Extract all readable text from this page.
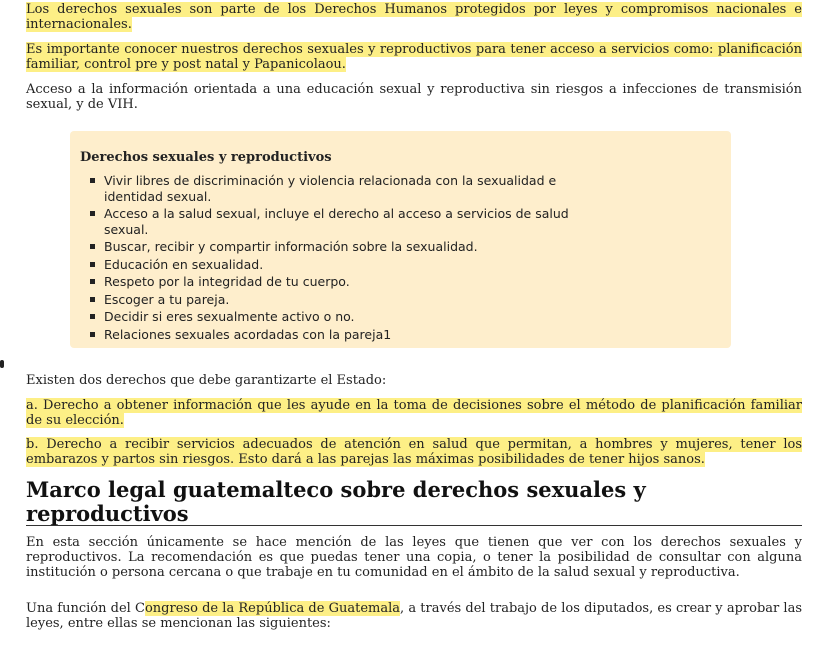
Los derechos sexuales son parte de los Derechos Humanos protegidos por leyes y compromisos nacionales e internacionales.

Es importante conocer nuestros derechos sexuales y reproductivos para tener acceso a servicios como: planificación familiar, control pre y post natal y Papanicolaou.

Acceso a la información orientada a una educación sexual y reproductiva sin riesgos a infecciones de transmisión sexual, y de VIH.

Derechos sexuales y reproductivos
Vivir libres de discriminación y violencia relacionada con la sexualidad e identidad sexual.
Acceso a la salud sexual, incluye el derecho al acceso a servicios de salud sexual.
Buscar, recibir y compartir información sobre la sexualidad.
Educación en sexualidad.
Respeto por la integridad de tu cuerpo.
Escoger a tu pareja.
Decidir si eres sexualmente activo o no.
Relaciones sexuales acordadas con la pareja1

Existen dos derechos que debe garantizarte el Estado:

a. Derecho a obtener información que les ayude en la toma de decisiones sobre el método de planificación familiar de su elección.

b. Derecho a recibir servicios adecuados de atención en salud que permitan, a hombres y mujeres, tener los embarazos y partos sin riesgos. Esto dará a las parejas las máximas posibilidades de tener hijos sanos.

Marco legal guatemalteco sobre derechos sexuales y reproductivos

En esta sección únicamente se hace mención de las leyes que tienen que ver con los derechos sexuales y reproductivos. La recomendación es que puedas tener una copia, o tener la posibilidad de consultar con alguna institución o persona cercana o que trabaje en tu comunidad en el ámbito de la salud sexual y reproductiva.

Una función del Congreso de la República de Guatemala, a través del trabajo de los diputados, es crear y aprobar las leyes, entre ellas se mencionan las siguientes:
